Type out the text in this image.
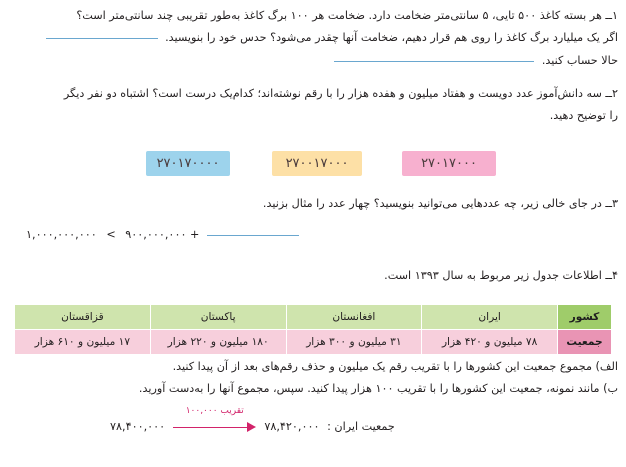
۱ــ هر بسته کاغذ ۵۰۰ تایی، ۵ سانتی‌متر ضخامت دارد. ضخامت هر ۱۰۰ برگ کاغذ به‌طور تقریبی چند سانتی‌متر است؟
اگر یک میلیارد برگ کاغذ را روی هم قرار دهیم، ضخامت آنها چقدر می‌شود؟ حدس خود را بنویسید.
حالا حساب کنید.
۲ــ سه دانش‌آموز عدد دویست و هفتاد میلیون و هفده هزار را با رقم نوشته‌اند؛ کدام‌یک درست است؟ اشتباه دو نفر دیگر
را توضیح دهید.
۲۷۰۱۷۰۰۰
۲۷۰۰۱۷۰۰۰
۲۷۰۱۷۰۰۰۰
۳ــ در جای خالی زیر، چه عددهایی می‌توانید بنویسید؟ چهار عدد را مثال بزنید.
۱,۰۰۰,۰۰۰,۰۰۰ < ۹۰۰,۰۰۰,۰۰۰ +
۴ــ اطلاعات جدول زیر مربوط به سال ۱۳۹۳ است.
کشور	ایران	افغانستان	پاکستان	قزاقستان
جمعیت	۷۸ میلیون و ۴۲۰ هزار	۳۱ میلیون و ۳۰۰ هزار	۱۸۰ میلیون و ۲۲۰ هزار	۱۷ میلیون و ۶۱۰ هزار
الف) مجموع جمعیت این کشورها را با تقریب رقم یک میلیون و حذف رقم‌های بعد از آن پیدا کنید.
ب) مانند نمونه، جمعیت این کشورها را با تقریب ۱۰۰ هزار پیدا کنید. سپس، مجموع آنها را به‌دست آورید.
۷۸,۴۰۰,۰۰۰
تقریب ۱۰۰,۰۰۰
۷۸,۴۲۰,۰۰۰ جمعیت ایران :
